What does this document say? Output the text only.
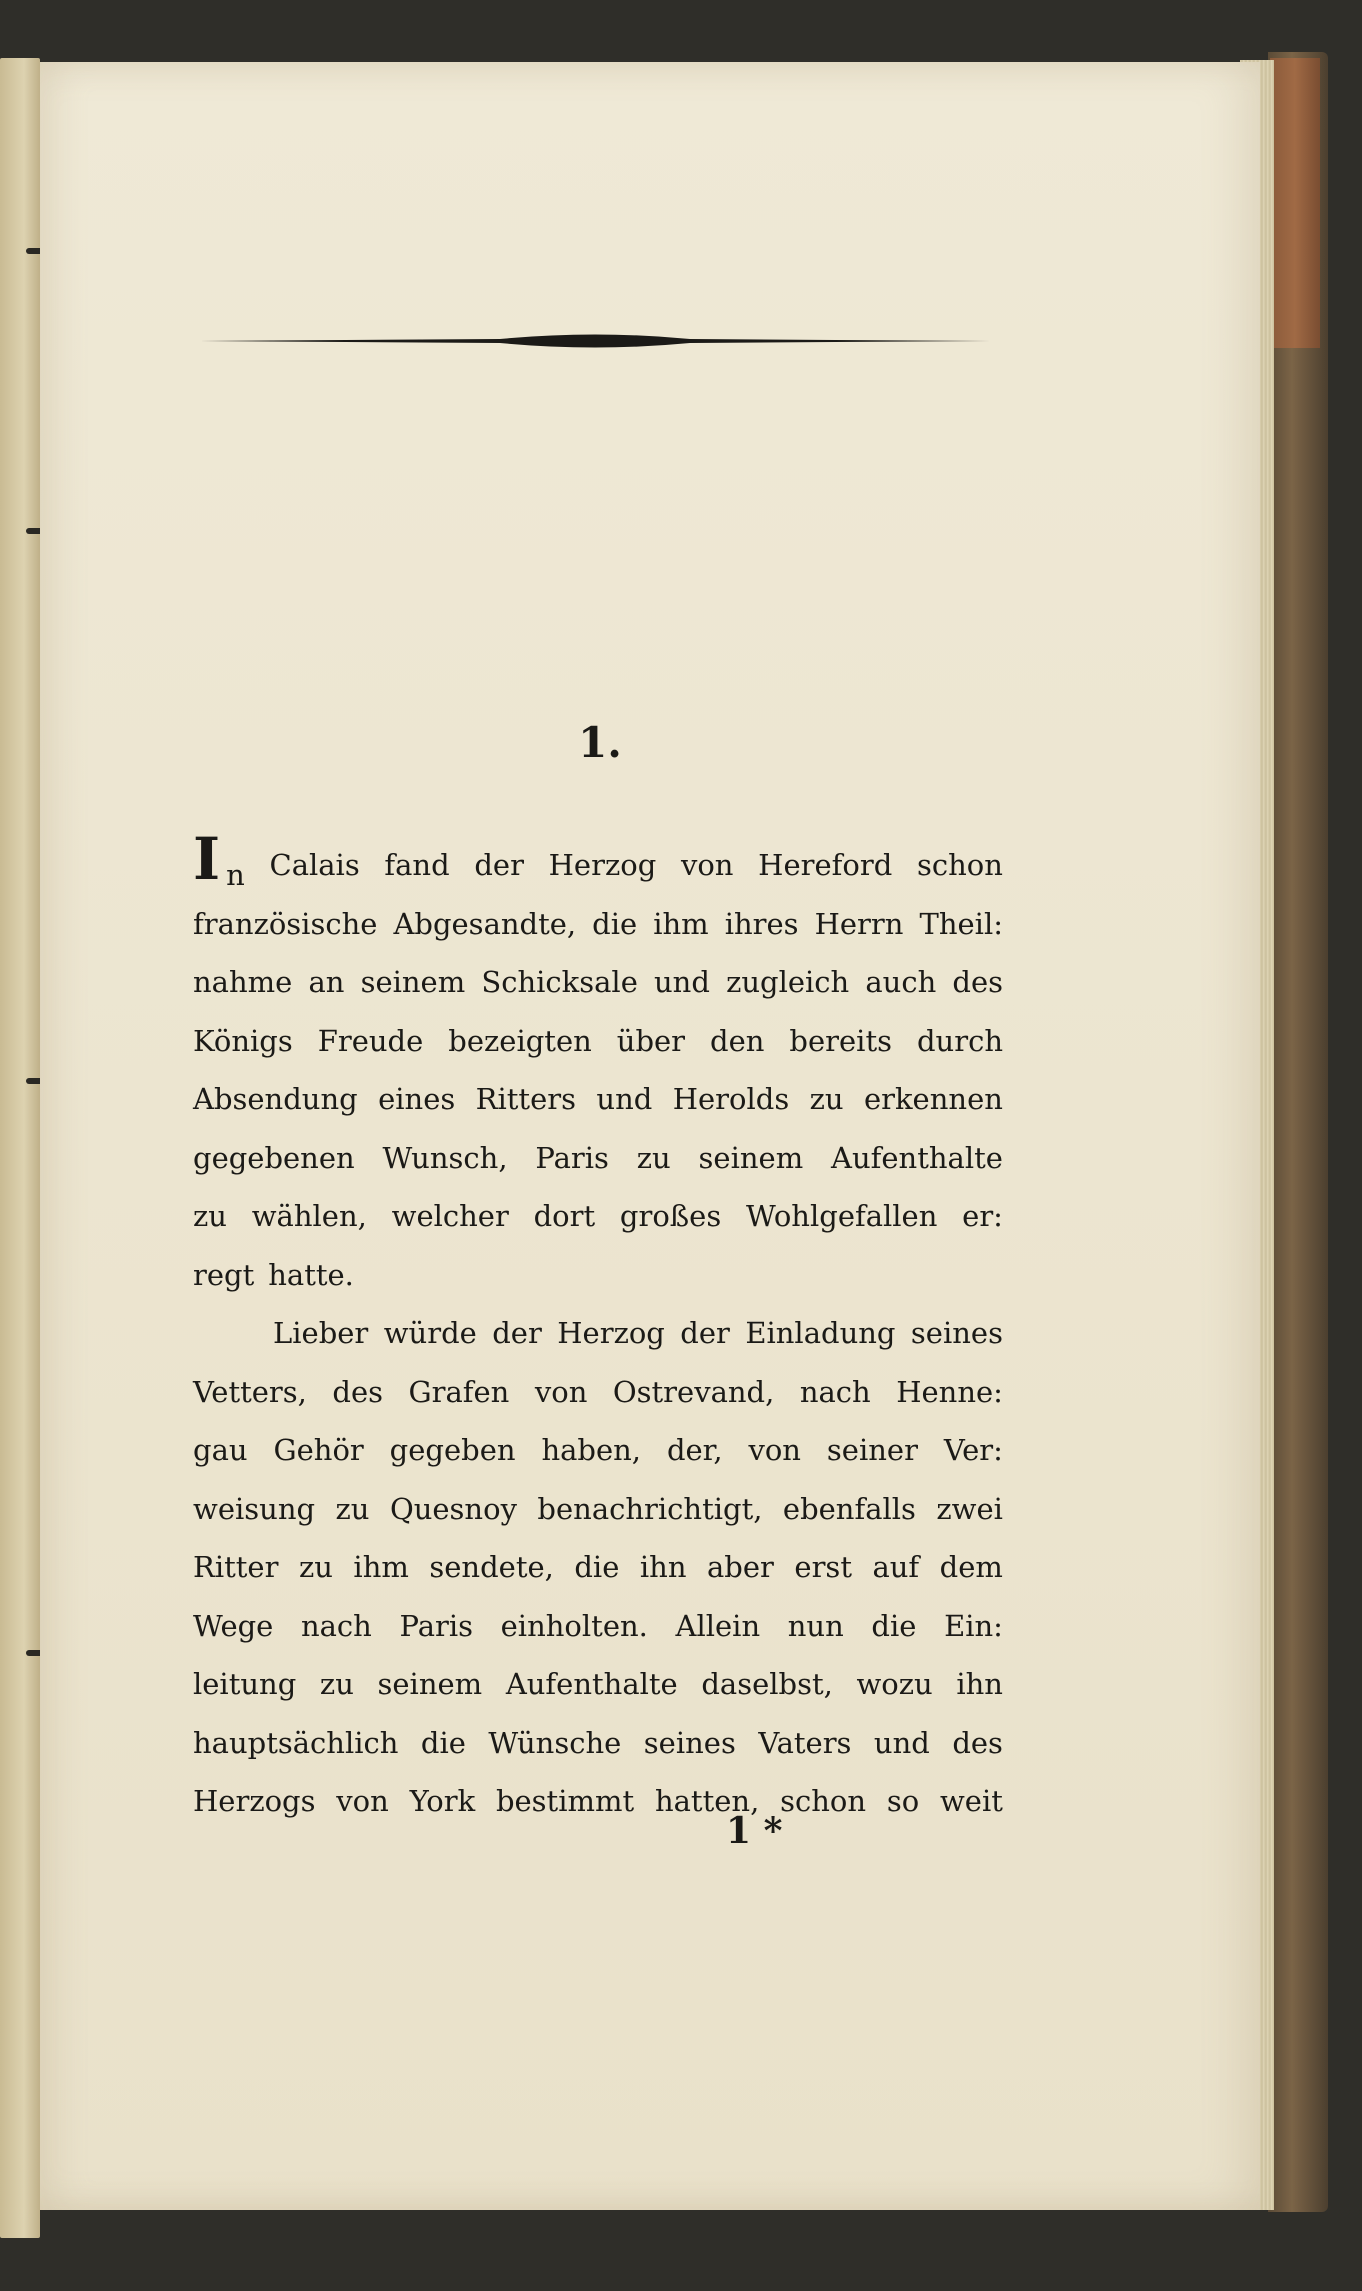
1.
In Calais fand der Herzog von Hereford schon
französische Abgesandte, die ihm ihres Herrn Theil:
nahme an seinem Schicksale und zugleich auch des
Königs Freude bezeigten über den bereits durch
Absendung eines Ritters und Herolds zu erkennen
gegebenen Wunsch, Paris zu seinem Aufenthalte
zu wählen, welcher dort großes Wohlgefallen er:
regt hatte.
Lieber würde der Herzog der Einladung seines
Vetters, des Grafen von Ostrevand, nach Henne:
gau Gehör gegeben haben, der, von seiner Ver:
weisung zu Quesnoy benachrichtigt, ebenfalls zwei
Ritter zu ihm sendete, die ihn aber erst auf dem
Wege nach Paris einholten. Allein nun die Ein:
leitung zu seinem Aufenthalte daselbst, wozu ihn
hauptsächlich die Wünsche seines Vaters und des
Herzogs von York bestimmt hatten, schon so weit
1 *
